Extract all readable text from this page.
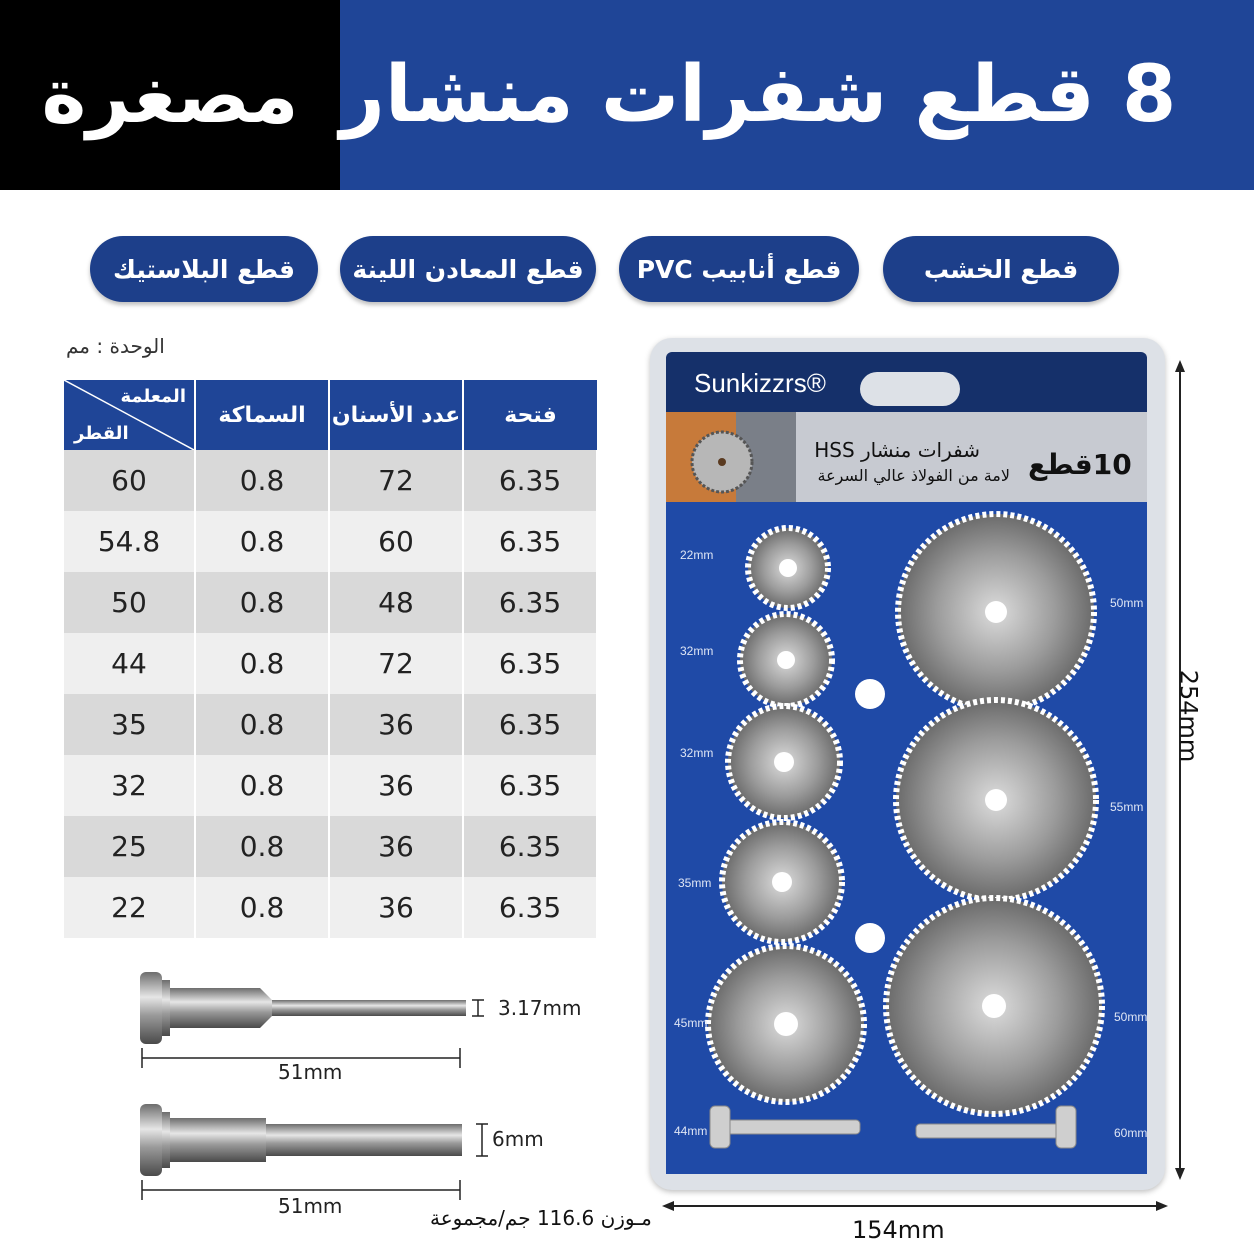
مصغرة 8 قطع شفرات منشار
قطع البلاستيك	قطع المعادن اللينة	قطع أنابيب PVC	قطع الخشب
الوحدة : مم
المعلمة
القطر	السماكة	عدد الأسنان	فتحة
60	0.8	72	6.35
54.8	0.8	60	6.35
50	0.8	48	6.35
44	0.8	72	6.35
35	0.8	36	6.35
32	0.8	36	6.35
25	0.8	36	6.35
22	0.8	36	6.35
3.17mm
51mm
6mm
51mm
Sunkizzrs®
شفرات منشار HSS
لامة من الفولاذ عالي السرعة 10قطع
22mm
32mm
32mm
35mm
45mm
44mm
50mm
55mm
50mm
60mm
254mm
154mm
مـوزن 116.6 جم/مجموعة
